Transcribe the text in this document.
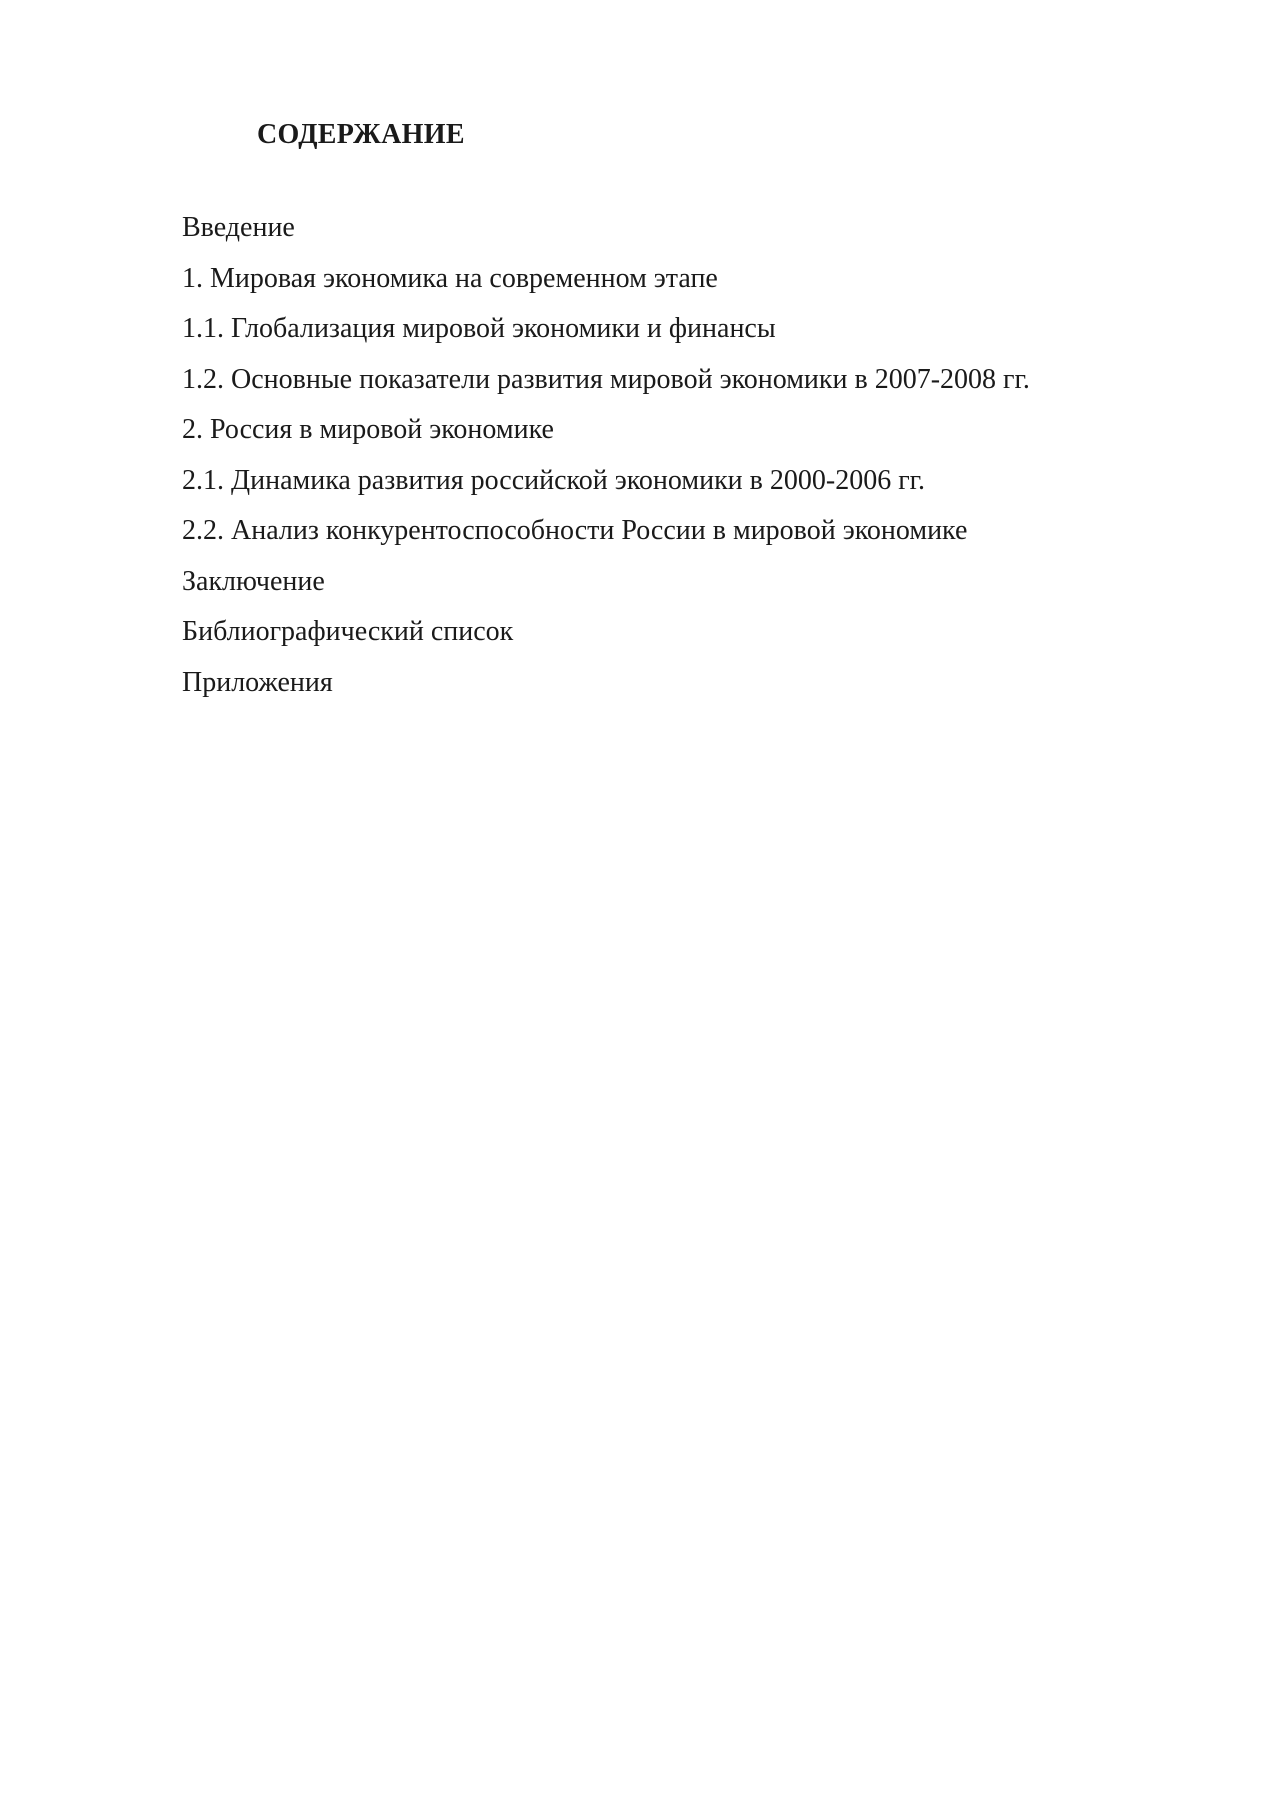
СОДЕРЖАНИЕ
Введение
1. Мировая экономика на современном этапе
1.1. Глобализация мировой экономики и финансы
1.2. Основные показатели развития мировой экономики в 2007-2008 гг.
2. Россия в мировой экономике
2.1. Динамика развития российской экономики в 2000-2006 гг.
2.2. Анализ конкурентоспособности России в мировой экономике
Заключение
Библиографический список
Приложения
